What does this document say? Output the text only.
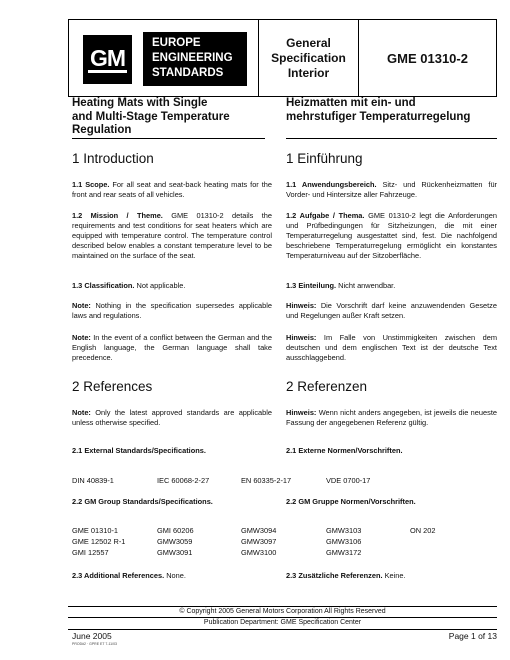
GM
EUROPE
ENGINEERING
STANDARDS
General
Specification
Interior
GME 01310-2
Heating Mats with Single
and Multi-Stage Temperature
Regulation
1 Introduction

1.1 Scope. For all seat and seat-back heating mats for the front and rear seats of all vehicles.

1.2 Mission / Theme. GME 01310-2 details the requirements and test conditions for seat heaters which are equipped with temperature control. The temperature control described below enables a constant temperature level to be maintained on the surface of the seat.

1.3 Classification. Not applicable.

Note: Nothing in the specification supersedes applicable laws and regulations.

Note: In the event of a conflict between the German and the English language, the German language shall take precedence.

2 References

Note: Only the latest approved standards are applicable unless otherwise specified.

2.1 External Standards/Specifications.
Heizmatten mit ein- und
mehrstufiger Temperaturregelung
1 Einführung

1.1 Anwendungsbereich. Sitz- und Rückenheizmatten für Vorder- und Hintersitze aller Fahrzeuge.

1.2 Aufgabe / Thema. GME 01310-2 legt die Anforderungen und Prüfbedingungen für Sitzheizungen, die mit einer Temperaturregelung ausgestattet sind, fest. Die nachfolgend beschriebene Temperaturregelung ermöglicht ein konstantes Temperaturniveau auf der Sitzoberfläche.

1.3 Einteilung. Nicht anwendbar.

Hinweis: Die Vorschrift darf keine anzuwendenden Gesetze und Regelungen außer Kraft setzen.

Hinweis: Im Falle von Unstimmigkeiten zwischen dem deutschen und dem englischen Text ist der deutsche Text ausschlaggebend.

2 Referenzen

Hinweis: Wenn nicht anders angegeben, ist jeweils die neueste Fassung der angegebenen Referenz gültig.

2.1 Externe Normen/Vorschriften.
DIN 40839-1	IEC 60068-2-27	EN 60335-2-17	VDE 0700-17
2.2 GM Group Standards/Specifications.	2.2 GM Gruppe Normen/Vorschriften.
GME 01310-1	GMI 60206	GMW3094	GMW3103	ON 202
GME 12502 R-1	GMW3059	GMW3097	GMW3106
GMI 12557	GMW3091	GMW3100	GMW3172
2.3 Additional References. None.	2.3 Zusätzliche Referenzen. Keine.
© Copyright 2005 General Motors Corporation All Rights Reserved
Publication Department: GME Specification Center
June 2005
PROD#2 · GPRE ET 7-11/03
Page 1 of 13
